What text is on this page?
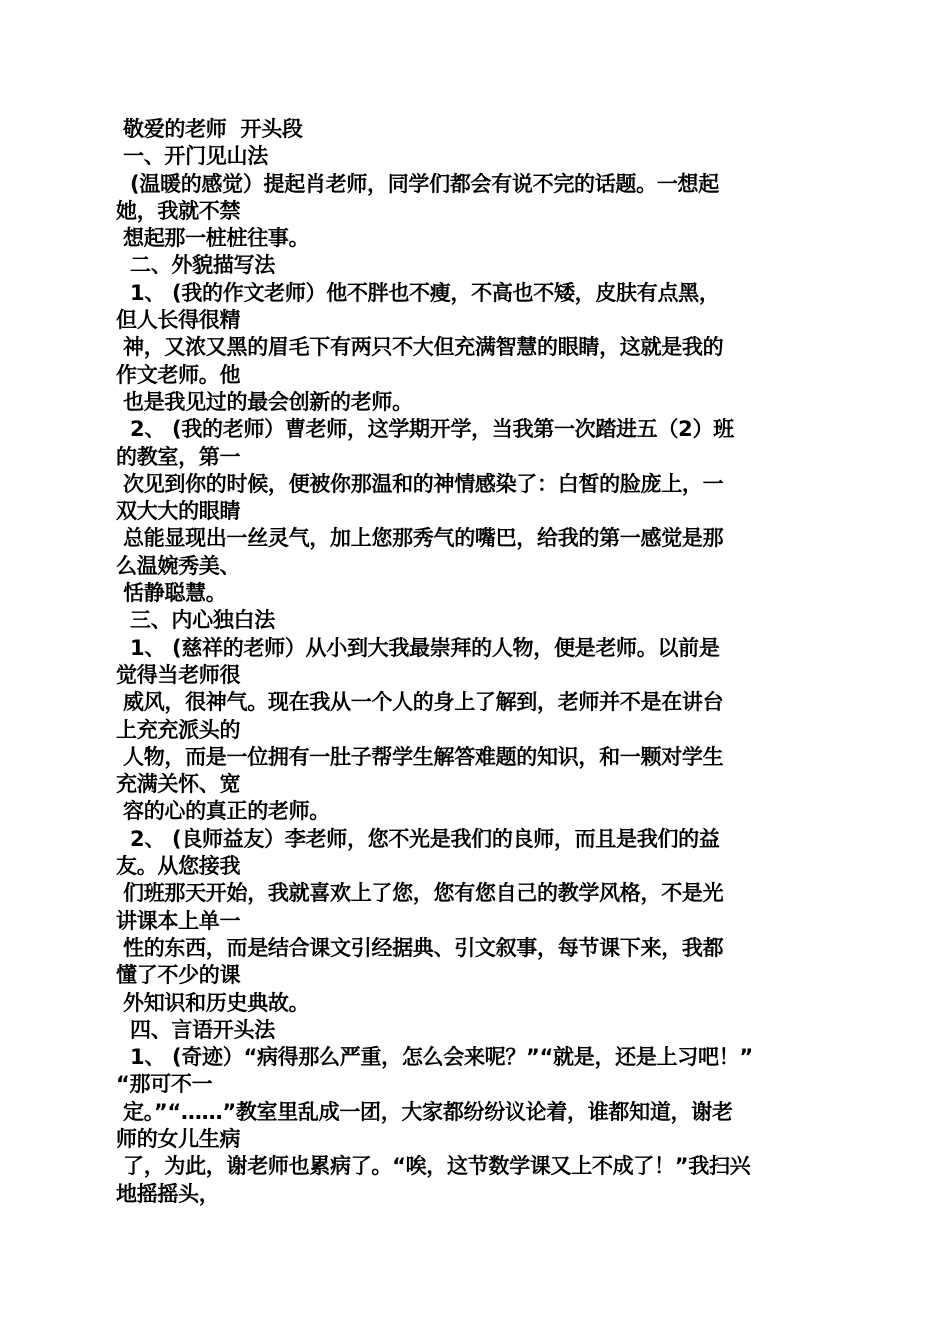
敬爱的老师  开头段
一、开门见山法
(温暖的感觉）提起肖老师，同学们都会有说不完的话题。一想起
她，我就不禁
想起那一桩桩往事。
二、外貌描写法
1、 (我的作文老师）他不胖也不瘦，不高也不矮，皮肤有点黑，
但人长得很精
神，又浓又黑的眉毛下有两只不大但充满智慧的眼睛，这就是我的
作文老师。他
也是我见过的最会创新的老师。
2、 (我的老师）曹老师，这学期开学，当我第一次踏进五（2）班
的教室，第一
次见到你的时候，便被你那温和的神情感染了：白皙的脸庞上，一
双大大的眼睛
总能显现出一丝灵气，加上您那秀气的嘴巴，给我的第一感觉是那
么温婉秀美、
恬静聪慧。
三、内心独白法
1、 (慈祥的老师）从小到大我最崇拜的人物，便是老师。以前是
觉得当老师很
威风，很神气。现在我从一个人的身上了解到，老师并不是在讲台
上充充派头的
人物，而是一位拥有一肚子帮学生解答难题的知识，和一颗对学生
充满关怀、宽
容的心的真正的老师。
2、 (良师益友）李老师，您不光是我们的良师，而且是我们的益
友。从您接我
们班那天开始，我就喜欢上了您，您有您自己的教学风格，不是光
讲课本上单一
性的东西，而是结合课文引经据典、引文叙事，每节课下来，我都
懂了不少的课
外知识和历史典故。
四、言语开头法
1、 (奇迹）“病得那么严重，怎么会来呢？”“就是，还是上习吧！”
“那可不一
定。”“……”教室里乱成一团，大家都纷纷议论着，谁都知道，谢老
师的女儿生病
了，为此，谢老师也累病了。“唉，这节数学课又上不成了！”我扫兴
地摇摇头，
